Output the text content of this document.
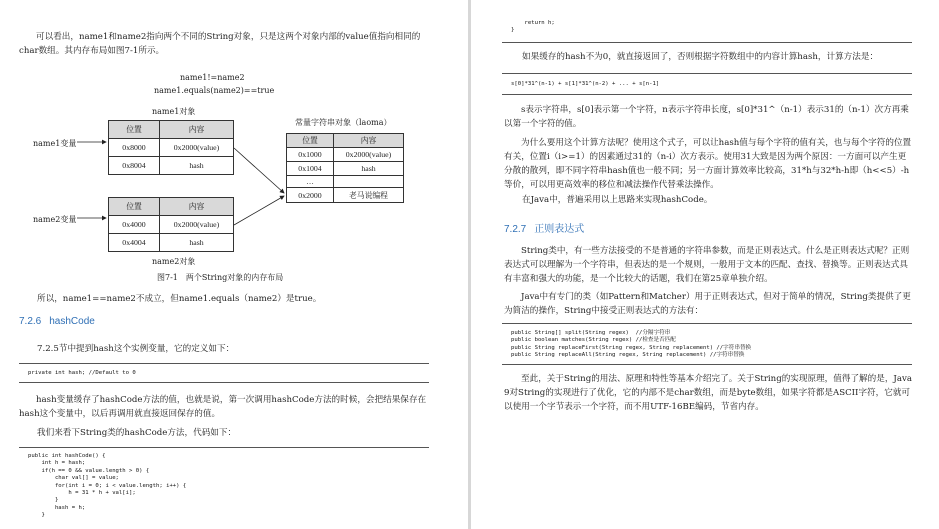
可以看出，name1和name2指向两个不同的String对象，只是这两个对象内部的value值指向相同的char数组。其内存布局如图7-1所示。
name1!=name2
name1.equals(name2)==true
name1对象
name1变量
name2变量
常量字符串对象（laoma）
name2对象
位置	内容
0x8000	0x2000(value)
0x8004	hash
位置	内容
0x4000	0x2000(value)
0x4004	hash
位置	内容
0x1000	0x2000(value)
0x1004	hash
…	
0x2000	老马说编程
图7-1　两个String对象的内存布局
所以，name1==name2不成立，但name1.equals（name2）是true。
7.2.6 hashCode
7.2.5节中提到hash这个实例变量，它的定义如下：
private int hash; //Default to 0
hash变量缓存了hashCode方法的值，也就是说，第一次调用hashCode方法的时候，会把结果保存在hash这个变量中，以后再调用就直接返回保存的值。
我们来看下String类的hashCode方法，代码如下：
public int hashCode() {
int h = hash;
if(h == 0 && value.length > 0) {
char val[] = value;
for(int i = 0; i < value.length; i++) {
h = 31 * h + val[i];
}
hash = h;
}
return h;
}
如果缓存的hash不为0，就直接返回了，否则根据字符数组中的内容计算hash，计算方法是：
s[0]*31^(n-1) + s[1]*31^(n-2) + ... + s[n-1]
s表示字符串，s[0]表示第一个字符，n表示字符串长度，s[0]*31^（n-1）表示31的（n-1）次方再乘以第一个字符的值。
为什么要用这个计算方法呢？使用这个式子，可以让hash值与每个字符的值有关，也与每个字符的位置有关，位置i（i>=1）的因素通过31的（n-i）次方表示。使用31大致是因为两个原因：一方面可以产生更分散的散列，即不同字符串hash值也一般不同；另一方面计算效率比较高，31*h与32*h-h即（h<<5）-h等价，可以用更高效率的移位和减法操作代替乘法操作。
在Java中，普遍采用以上思路来实现hashCode。
7.2.7 正则表达式
String类中，有一些方法接受的不是普通的字符串参数，而是正则表达式。什么是正则表达式呢？正则表达式可以理解为一个字符串，但表达的是一个规则，一般用于文本的匹配、查找、替换等。正则表达式具有丰富和强大的功能，是一个比较大的话题，我们在第25章单独介绍。
Java中有专门的类（如Pattern和Matcher）用于正则表达式，但对于简单的情况，String类提供了更为简洁的操作，String中接受正则表达式的方法有：
public String[] split(String regex)  //分隔字符串
public boolean matches(String regex) //检查是否匹配
public String replaceFirst(String regex, String replacement) //字符串替换
public String replaceAll(String regex, String replacement) //字符串替换
至此，关于String的用法、原理和特性等基本介绍完了。关于String的实现原理，值得了解的是，Java 9对String的实现进行了优化，它的内部不是char数组，而是byte数组，如果字符都是ASCII字符，它就可以使用一个字节表示一个字符，而不用UTF-16BE编码，节省内存。
